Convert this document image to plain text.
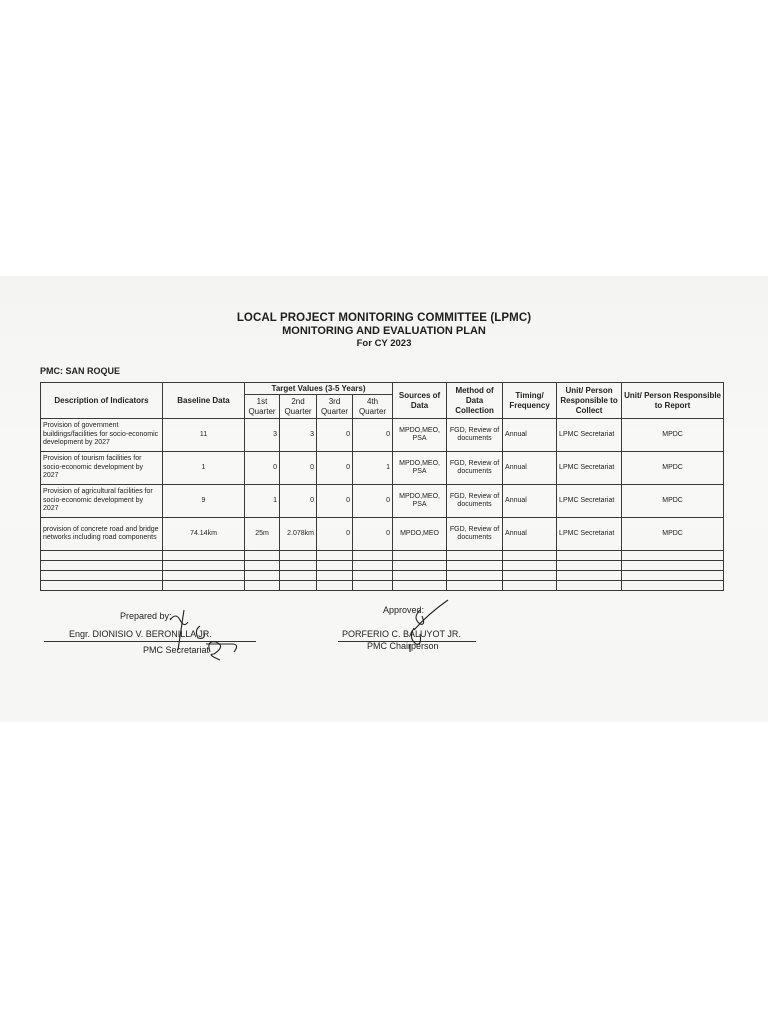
LOCAL PROJECT MONITORING COMMITTEE (LPMC)
MONITORING AND EVALUATION PLAN
For CY 2023
PMC: SAN ROQUE
Description of Indicators	Baseline Data	Target Values (3-5 Years)				Sources of Data	Method of Data Collection	Timing/ Frequency	Unit/ Person Responsible to Collect	Unit/ Person Responsible to Report
		1st Quarter	2nd Quarter	3rd Quarter	4th Quarter					
Provision of government buildings/facilities for socio-economic development by 2027	11	3	3	0	0	MPDO,MEO, PSA	FGD, Review of documents	Annual	LPMC Secretariat	MPDC
Provision of tourism facilities for socio-economic development by 2027	1	0	0	0	1	MPDO,MEO, PSA	FGD, Review of documents	Annual	LPMC Secretariat	MPDC
Provision of agricultural facilities for socio-economic development by 2027	9	1	0	0	0	MPDO,MEO, PSA	FGD, Review of documents	Annual	LPMC Secretariat	MPDC
provision of concrete road and bridge networks including road components	74.14km	25m	2.078km	0	0	MPDO,MEO	FGD, Review of documents	Annual	LPMC Secretariat	MPDC

Prepared by:
Engr. DIONISIO V. BERONILLA JR.
PMC Secretariat
Approved:
PORFERIO C. BALUYOT JR.
PMC Chairperson
